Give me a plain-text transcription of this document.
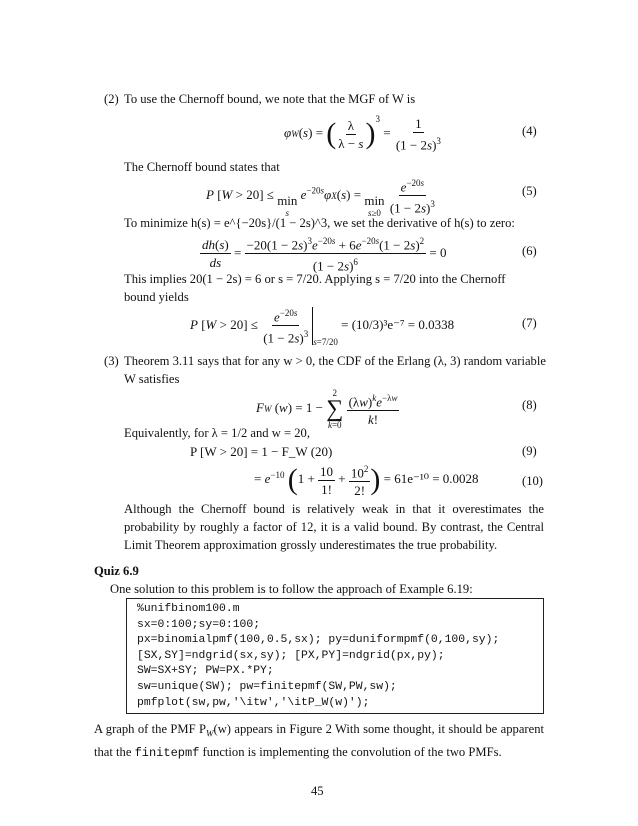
(2) To use the Chernoff bound, we note that the MGF of W is
φW(s) = ( $\frac{\lambda}{\lambda - s} )^3 = \frac{1}{(1 - 2s)^3}$	(4)
The Chernoff bound states that
P [W > 20] ≤ min
s
$e^{-20s}\varphi X(s) = \min$
s≥0
$\frac{e^{-20s}}{(1 - 2s)^3}$	(5)
To minimize h(s) = e^{−20s}/(1 − 2s)^3, we set the derivative of h(s) to zero:
$\frac{dh(s)}{ds} = \frac{-20(1 - 2s)^3e^{-20s} + 6e^{-20s}(1 - 2s)^2}{(1 - 2s)^6} = 0$	(6)
This implies 20(1 − 2s) = 6 or s = 7/20. Applying s = 7/20 into the Chernoff
bound yields
P $[W > 20] \le \frac{e^{-20s}}{(1 - 2s)^3} _{s=7/20} = (10/3)^3e^{-7} = 0.0338$	(7)
(3) Theorem 3.11 says that for any w > 0, the CDF of the Erlang (λ, 3) random variable
W satisfies
FW (w) = 1 −
2
∑
k=0
$\frac{(\lambda w)^ke^{-\lambda w}}{k!}$	(8)
Equivalently, for λ = 1/2 and w = 20,
P [W > 20] = 1 − F_W (20)	(9)
= $e^{-10}$ ($1 + \frac{10}{1!} + \frac{10^2}{2!}$ ) = 61e⁻¹⁰ = 0.0028	(10)
Although the Chernoff bound is relatively weak in that it overestimates the probability by roughly a factor of 12, it is a valid bound. By contrast, the Central Limit Theorem approximation grossly underestimates the true probability.
Quiz 6.9
One solution to this problem is to follow the approach of Example 6.19:
%unifbinom100.m
sx=0:100;sy=0:100;
px=binomialpmf(100,0.5,sx); py=duniformpmf(0,100,sy);
[SX,SY]=ndgrid(sx,sy); [PX,PY]=ndgrid(px,py);
SW=SX+SY; PW=PX.*PY;
sw=unique(SW); pw=finitepmf(SW,PW,sw);
pmfplot(sw,pw,'\itw','\itP_W(w)');
A graph of the PMF $P_W(w)$ appears in Figure 2 With some thought, it should be apparent that the finitepmf function is implementing the convolution of the two PMFs.
45
